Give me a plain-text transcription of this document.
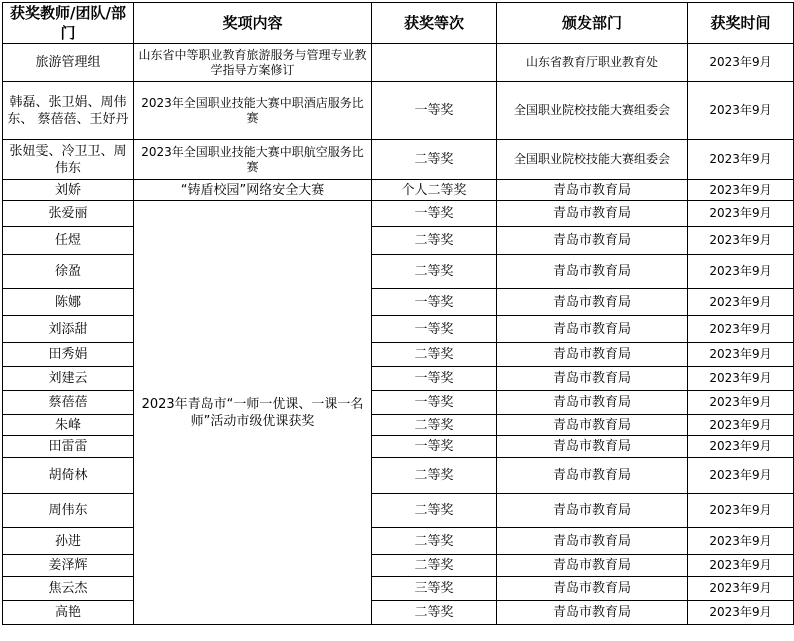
获奖教师/团队/部门	奖项内容	获奖等次	颁发部门	获奖时间
旅游管理组	山东省中等职业教育旅游服务与管理专业教学指导方案修订		山东省教育厅职业教育处	2023年9月
韩磊、张卫娟、周伟东、 蔡蓓蓓、王妤丹	2023年全国职业技能大赛中职酒店服务比赛	一等奖	全国职业院校技能大赛组委会	2023年9月
张妞雯、冷卫卫、周伟东	2023年全国职业技能大赛中职航空服务比赛	二等奖	全国职业院校技能大赛组委会	2023年9月
刘娇	“铸盾校园”网络安全大赛	个人二等奖	青岛市教育局	2023年9月
张爱丽	2023年青岛市“一师一优课、一课一名师”活动市级优课获奖	一等奖	青岛市教育局	2023年9月
任煜		二等奖	青岛市教育局	2023年9月
徐盈		二等奖	青岛市教育局	2023年9月
陈娜		一等奖	青岛市教育局	2023年9月
刘添甜		一等奖	青岛市教育局	2023年9月
田秀娟		二等奖	青岛市教育局	2023年9月
刘建云		一等奖	青岛市教育局	2023年9月
蔡蓓蓓		一等奖	青岛市教育局	2023年9月
朱峰		二等奖	青岛市教育局	2023年9月
田雷雷		一等奖	青岛市教育局	2023年9月
胡倚林		二等奖	青岛市教育局	2023年9月
周伟东		二等奖	青岛市教育局	2023年9月
孙进		二等奖	青岛市教育局	2023年9月
姜泽辉		二等奖	青岛市教育局	2023年9月
焦云杰		三等奖	青岛市教育局	2023年9月
高艳		二等奖	青岛市教育局	2023年9月
